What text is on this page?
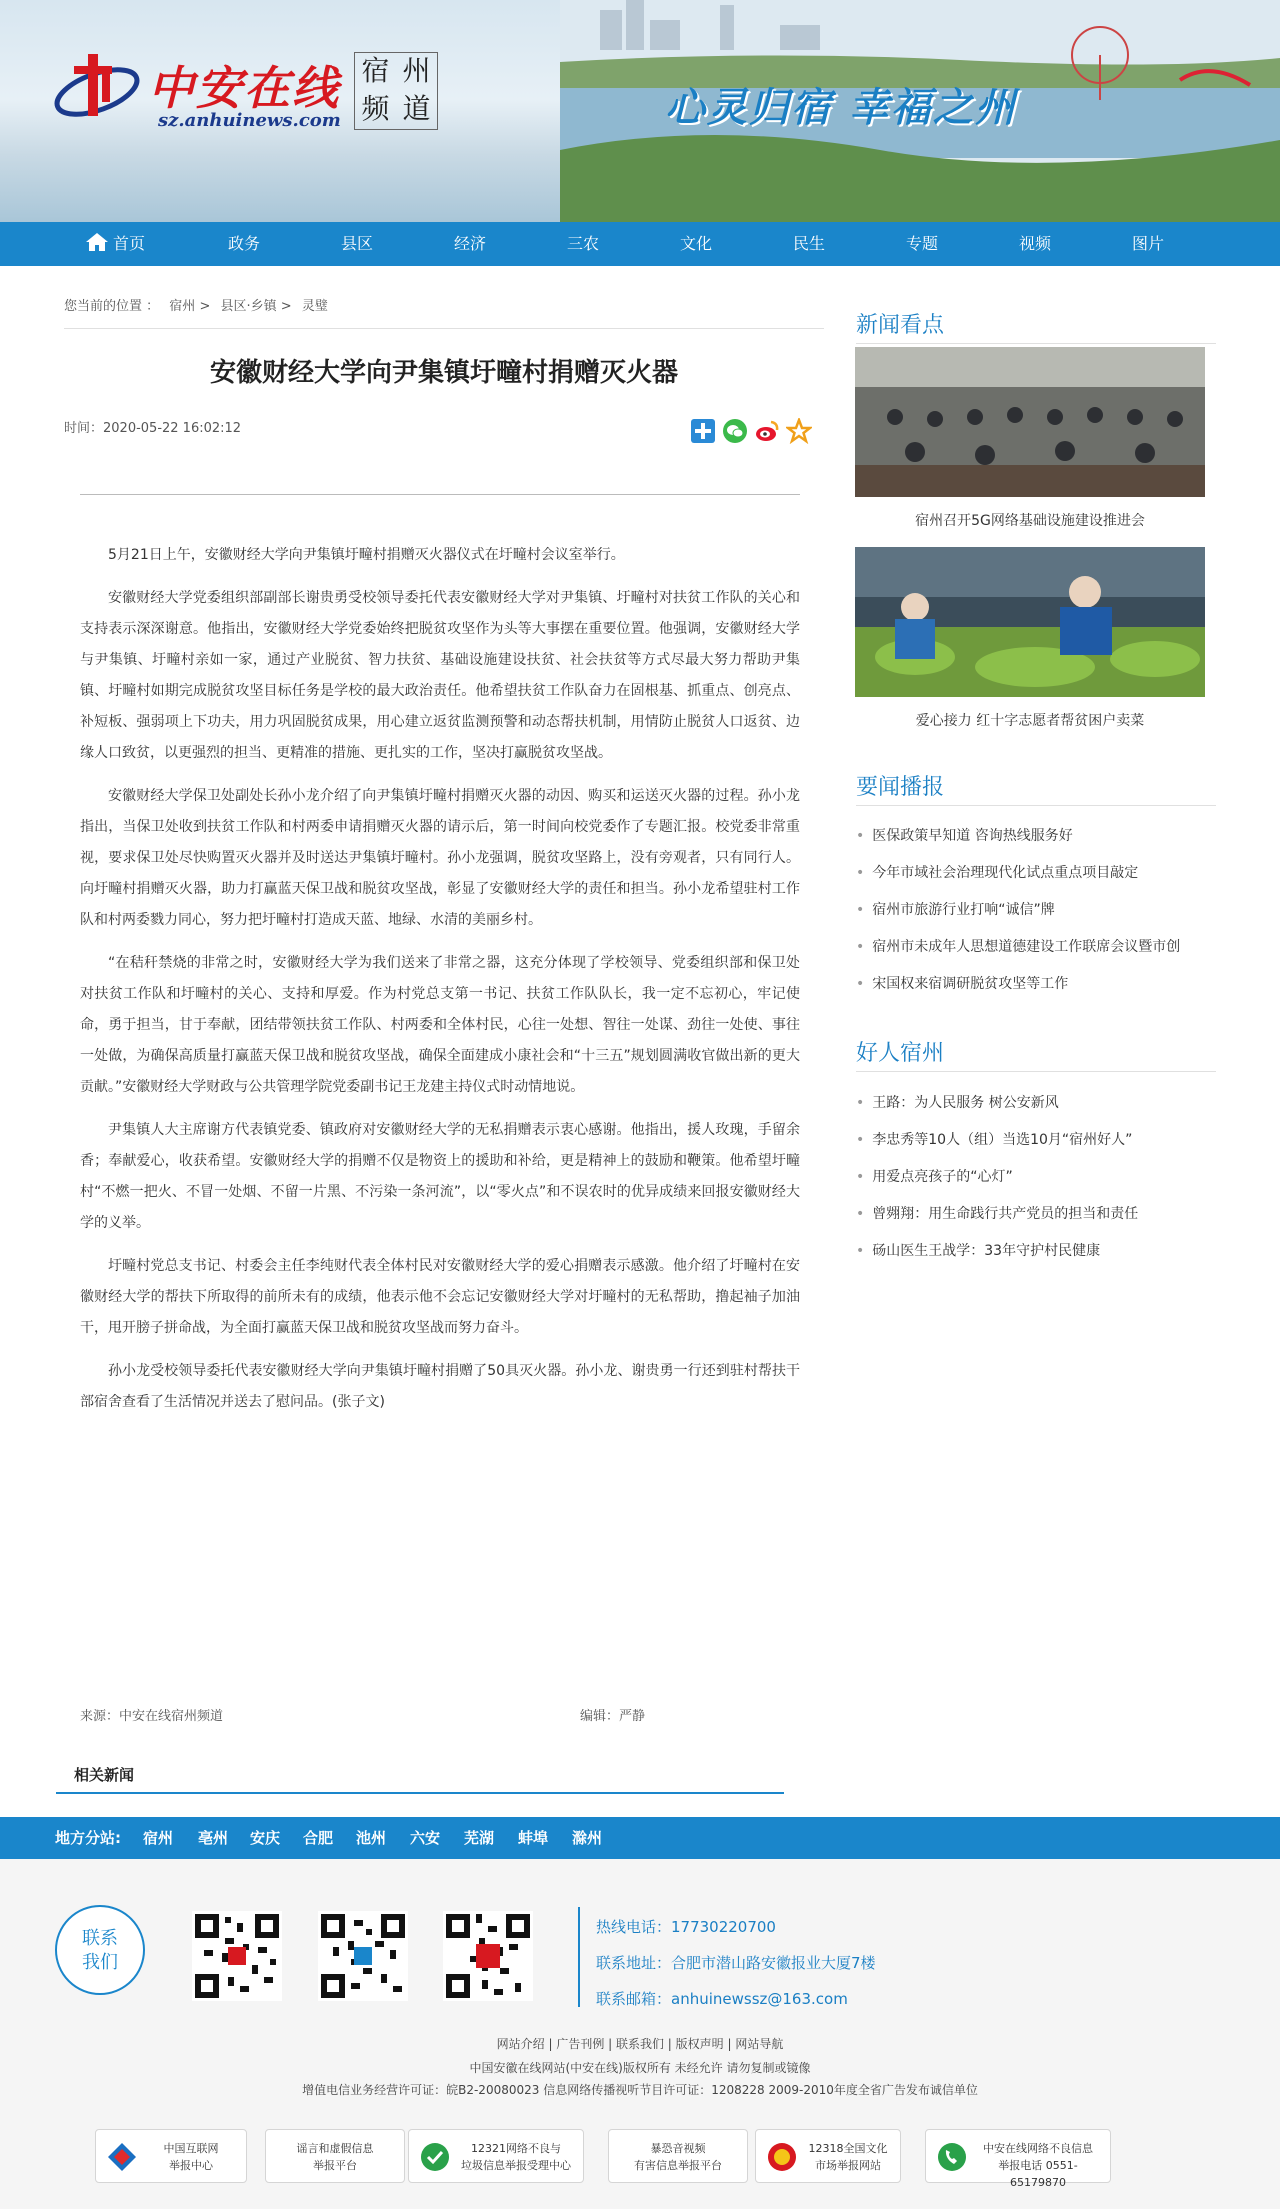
中安在线
sz.anhuinews.com
宿 州
频 道	心灵归宿 幸福之州
首页	政务	县区	经济	三农	文化	民生	专题	视频	图片
您当前的位置 ： 宿州 > 县区·乡镇 > 灵璧
安徽财经大学向尹集镇圩疃村捐赠灭火器
时间：2020-05-22 16:02:12

5月21日上午，安徽财经大学向尹集镇圩疃村捐赠灭火器仪式在圩疃村会议室举行。

安徽财经大学党委组织部副部长谢贵勇受校领导委托代表安徽财经大学对尹集镇、圩疃村对扶贫工作队的关心和支持表示深深谢意。他指出，安徽财经大学党委始终把脱贫攻坚作为头等大事摆在重要位置。他强调，安徽财经大学与尹集镇、圩疃村亲如一家，通过产业脱贫、智力扶贫、基础设施建设扶贫、社会扶贫等方式尽最大努力帮助尹集镇、圩疃村如期完成脱贫攻坚目标任务是学校的最大政治责任。他希望扶贫工作队奋力在固根基、抓重点、创亮点、补短板、强弱项上下功夫，用力巩固脱贫成果，用心建立返贫监测预警和动态帮扶机制，用情防止脱贫人口返贫、边缘人口致贫，以更强烈的担当、更精准的措施、更扎实的工作，坚决打赢脱贫攻坚战。

安徽财经大学保卫处副处长孙小龙介绍了向尹集镇圩疃村捐赠灭火器的动因、购买和运送灭火器的过程。孙小龙指出，当保卫处收到扶贫工作队和村两委申请捐赠灭火器的请示后，第一时间向校党委作了专题汇报。校党委非常重视，要求保卫处尽快购置灭火器并及时送达尹集镇圩疃村。孙小龙强调，脱贫攻坚路上，没有旁观者，只有同行人。向圩疃村捐赠灭火器，助力打赢蓝天保卫战和脱贫攻坚战，彰显了安徽财经大学的责任和担当。孙小龙希望驻村工作队和村两委戮力同心，努力把圩疃村打造成天蓝、地绿、水清的美丽乡村。

“在秸秆禁烧的非常之时，安徽财经大学为我们送来了非常之器，这充分体现了学校领导、党委组织部和保卫处对扶贫工作队和圩疃村的关心、支持和厚爱。作为村党总支第一书记、扶贫工作队队长，我一定不忘初心，牢记使命，勇于担当，甘于奉献，团结带领扶贫工作队、村两委和全体村民，心往一处想、智往一处谋、劲往一处使、事往一处做，为确保高质量打赢蓝天保卫战和脱贫攻坚战，确保全面建成小康社会和“十三五”规划圆满收官做出新的更大贡献。”安徽财经大学财政与公共管理学院党委副书记王龙建主持仪式时动情地说。

尹集镇人大主席谢方代表镇党委、镇政府对安徽财经大学的无私捐赠表示衷心感谢。他指出，援人玫瑰，手留余香；奉献爱心，收获希望。安徽财经大学的捐赠不仅是物资上的援助和补给，更是精神上的鼓励和鞭策。他希望圩疃村“不燃一把火、不冒一处烟、不留一片黑、不污染一条河流”，以“零火点”和不误农时的优异成绩来回报安徽财经大学的义举。

圩疃村党总支书记、村委会主任李纯财代表全体村民对安徽财经大学的爱心捐赠表示感激。他介绍了圩疃村在安徽财经大学的帮扶下所取得的前所未有的成绩，他表示他不会忘记安徽财经大学对圩疃村的无私帮助，撸起袖子加油干，甩开膀子拼命战，为全面打赢蓝天保卫战和脱贫攻坚战而努力奋斗。

孙小龙受校领导委托代表安徽财经大学向尹集镇圩疃村捐赠了50具灭火器。孙小龙、谢贵勇一行还到驻村帮扶干部宿舍查看了生活情况并送去了慰问品。(张子文)

来源：中安在线宿州频道	编辑：严静
相关新闻
新闻看点
宿州召开5G网络基础设施建设推进会
爱心接力 红十字志愿者帮贫困户卖菜
要闻播报
• 医保政策早知道 咨询热线服务好
• 今年市域社会治理现代化试点重点项目敲定
• 宿州市旅游行业打响“诚信”牌
• 宿州市未成年人思想道德建设工作联席会议暨市创
• 宋国权来宿调研脱贫攻坚等工作
好人宿州
• 王路：为人民服务 树公安新风
• 李忠秀等10人（组）当选10月“宿州好人”
• 用爱点亮孩子的“心灯”
• 曾翙翔：用生命践行共产党员的担当和责任
• 砀山医生王战学：33年守护村民健康
地方分站: 宿州 亳州 安庆 合肥 池州 六安 芜湖 蚌埠 滁州
联系
我们
热线电话：17730220700
联系地址：合肥市潜山路安徽报业大厦7楼
联系邮箱：anhuinewssz@163.com
网站介绍 | 广告刊例 | 联系我们 | 版权声明 | 网站导航
中国安徽在线网站(中安在线)版权所有 未经允许 请勿复制或镜像
增值电信业务经营许可证：皖B2-20080023 信息网络传播视听节目许可证：1208228 2009-2010年度全省广告发布诚信单位
中国互联网
举报中心
谣言和虚假信息
举报平台
12321网络不良与
垃圾信息举报受理中心
暴恐音视频
有害信息举报平台
12318全国文化
市场举报网站
中安在线网络不良信息
举报电话 0551-65179870
